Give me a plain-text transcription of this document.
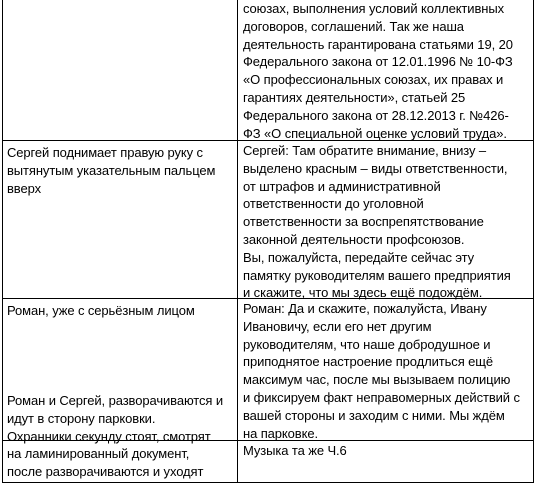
Сергей поднимает правую руку с
вытянутым указательным пальцем
вверх
Роман, уже с серьёзным лицом
Роман и Сергей, разворачиваются и
идут в сторону парковки.
Охранники секунду стоят, смотрят
на ламинированный документ,
после разворачиваются и уходят
союзах, выполнения условий коллективных
договоров, соглашений. Так же наша
деятельность гарантирована статьями 19, 20
Федерального закона от 12.01.1996 № 10-ФЗ
«О профессиональных союзах, их правах и
гарантиях деятельности», статьей 25
Федерального закона от 28.12.2013 г. №426-
ФЗ «О специальной оценке условий труда».
Сергей: Там обратите внимание, внизу –
выделено красным – виды ответственности,
от штрафов и административной
ответственности до уголовной
ответственности за воспрепятствование
законной деятельности профсоюзов.
Вы, пожалуйста, передайте сейчас эту
памятку руководителям вашего предприятия
и скажите, что мы здесь ещё подождём.
Роман: Да и скажите, пожалуйста, Ивану
Ивановичу, если его нет другим
руководителям, что наше добродушное и
приподнятое настроение продлиться ещё
максимум час, после мы вызываем полицию
и фиксируем факт неправомерных действий с
вашей стороны и заходим с ними. Мы ждём
на парковке.
Музыка та же Ч.6
